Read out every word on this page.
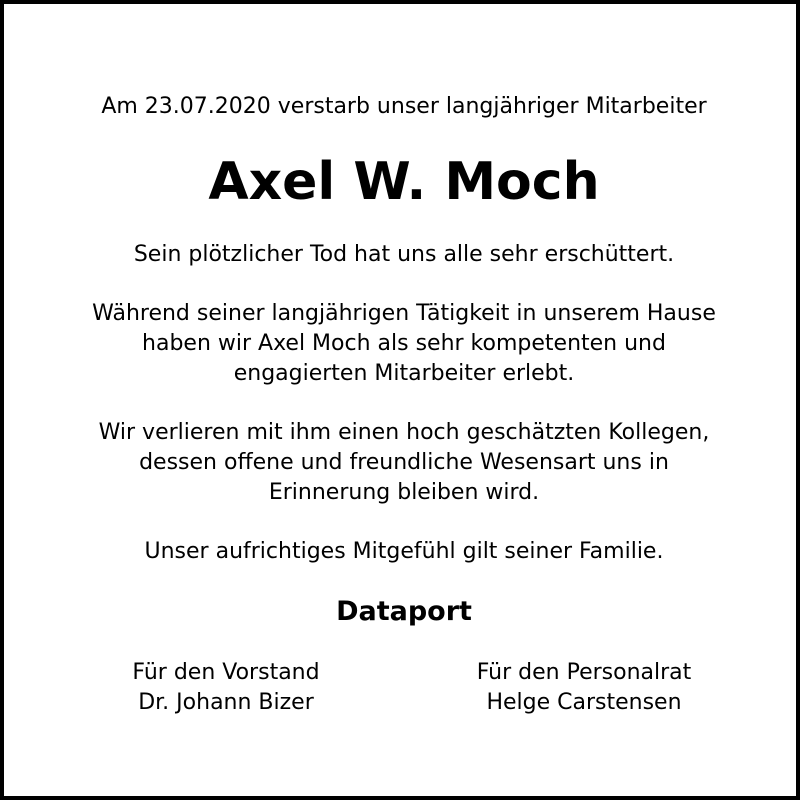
Am 23.07.2020 verstarb unser langjähriger Mitarbeiter
Axel W. Moch
Sein plötzlicher Tod hat uns alle sehr erschüttert.
Während seiner langjährigen Tätigkeit in unserem Hause
haben wir Axel Moch als sehr kompetenten und
engagierten Mitarbeiter erlebt.
Wir verlieren mit ihm einen hoch geschätzten Kollegen,
dessen offene und freundliche Wesensart uns in
Erinnerung bleiben wird.
Unser aufrichtiges Mitgefühl gilt seiner Familie.
Dataport
Für den Vorstand
Dr. Johann Bizer
Für den Personalrat
Helge Carstensen
